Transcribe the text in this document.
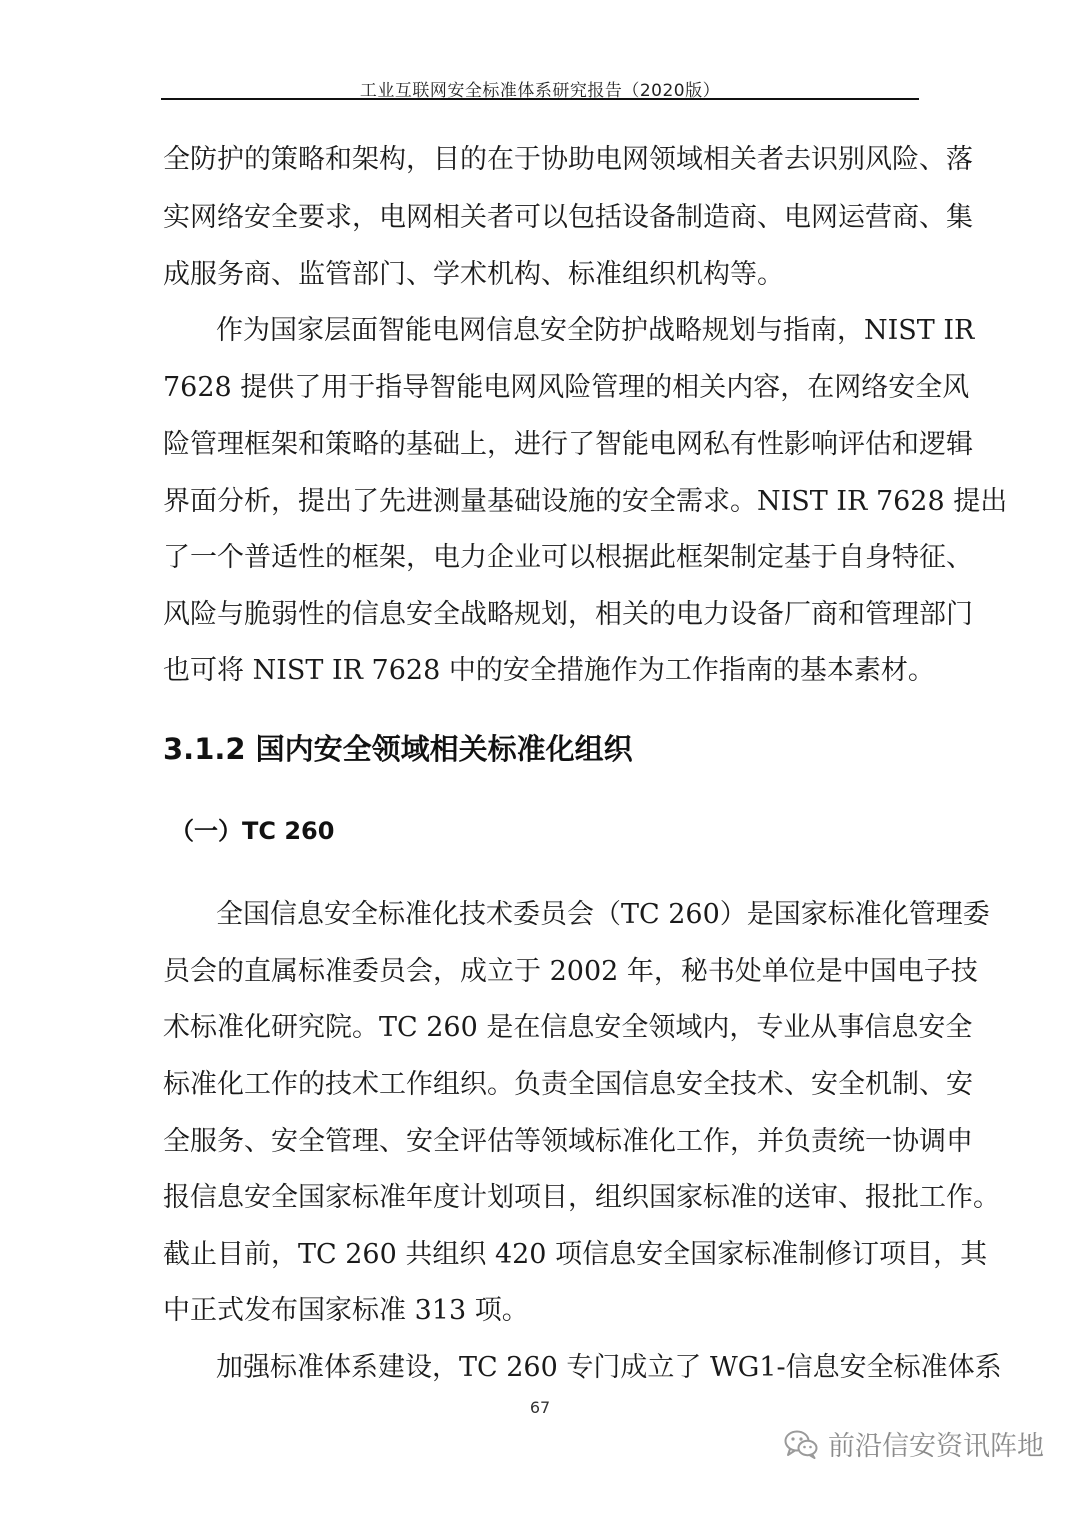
工业互联网安全标准体系研究报告（2020版）
全防护的策略和架构，目的在于协助电网领域相关者去识别风险、落
实网络安全要求，电网相关者可以包括设备制造商、电网运营商、集
成服务商、监管部门、学术机构、标准组织机构等。
作为国家层面智能电网信息安全防护战略规划与指南，NIST IR
7628 提供了用于指导智能电网风险管理的相关内容，在网络安全风
险管理框架和策略的基础上，进行了智能电网私有性影响评估和逻辑
界面分析，提出了先进测量基础设施的安全需求。NIST IR 7628 提出
了一个普适性的框架，电力企业可以根据此框架制定基于自身特征、
风险与脆弱性的信息安全战略规划，相关的电力设备厂商和管理部门
也可将 NIST IR 7628 中的安全措施作为工作指南的基本素材。
3.1.2 国内安全领域相关标准化组织
（一）TC 260
全国信息安全标准化技术委员会（TC 260）是国家标准化管理委
员会的直属标准委员会，成立于 2002 年，秘书处单位是中国电子技
术标准化研究院。TC 260 是在信息安全领域内，专业从事信息安全
标准化工作的技术工作组织。负责全国信息安全技术、安全机制、安
全服务、安全管理、安全评估等领域标准化工作，并负责统一协调申
报信息安全国家标准年度计划项目，组织国家标准的送审、报批工作。
截止目前，TC 260 共组织 420 项信息安全国家标准制修订项目，其
中正式发布国家标准 313 项。
加强标准体系建设，TC 260 专门成立了 WG1-信息安全标准体系
67
前沿信安资讯阵地
